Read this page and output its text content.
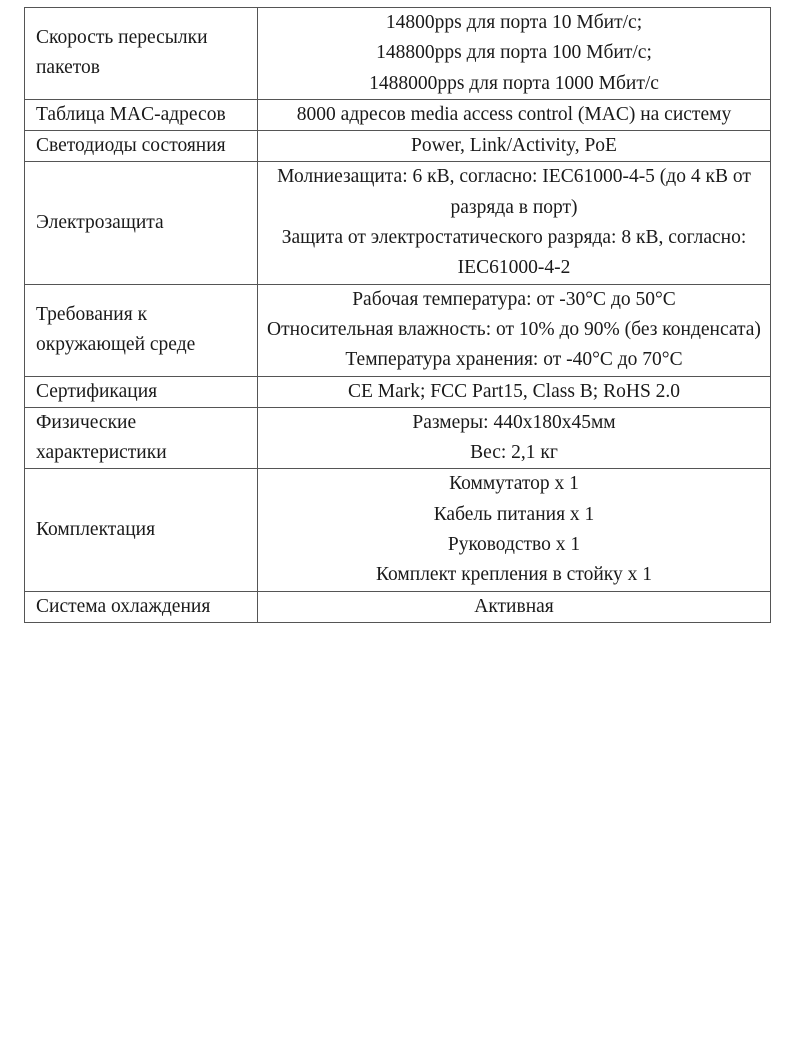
Скорость пересылки пакетов	14800pps для порта 10 Мбит/с;
148800pps для порта 100 Мбит/с;
1488000pps для порта 1000 Мбит/с

Таблица MAC-адресов	8000 адресов media access control (MAC) на системy

Светодиоды состояния	Power, Link/Activity, PoE

Электрозащита	Молниезащита: 6 кВ, согласно: IEC61000-4-5 (до 4 кВ от разряда в порт)
Защита от электростатического разряда: 8 кВ, согласно: IEC61000-4-2

Требования к окружающей среде	Рабочая температура: от -30°C до 50°C
Относительная влажность: от 10% до 90% (без конденсата)
Температура хранения: от -40°C до 70°C

Сертификация	CE Mark; FCC Part15, Class B; RoHS 2.0

Физические характеристики	Размеры: 440x180x45мм
Вес: 2,1 кг

Комплектация	Коммутатор x 1
Кабель питания x 1
Руководство x 1
Комплект крепления в стойку x 1

Система охлаждения	Активная
